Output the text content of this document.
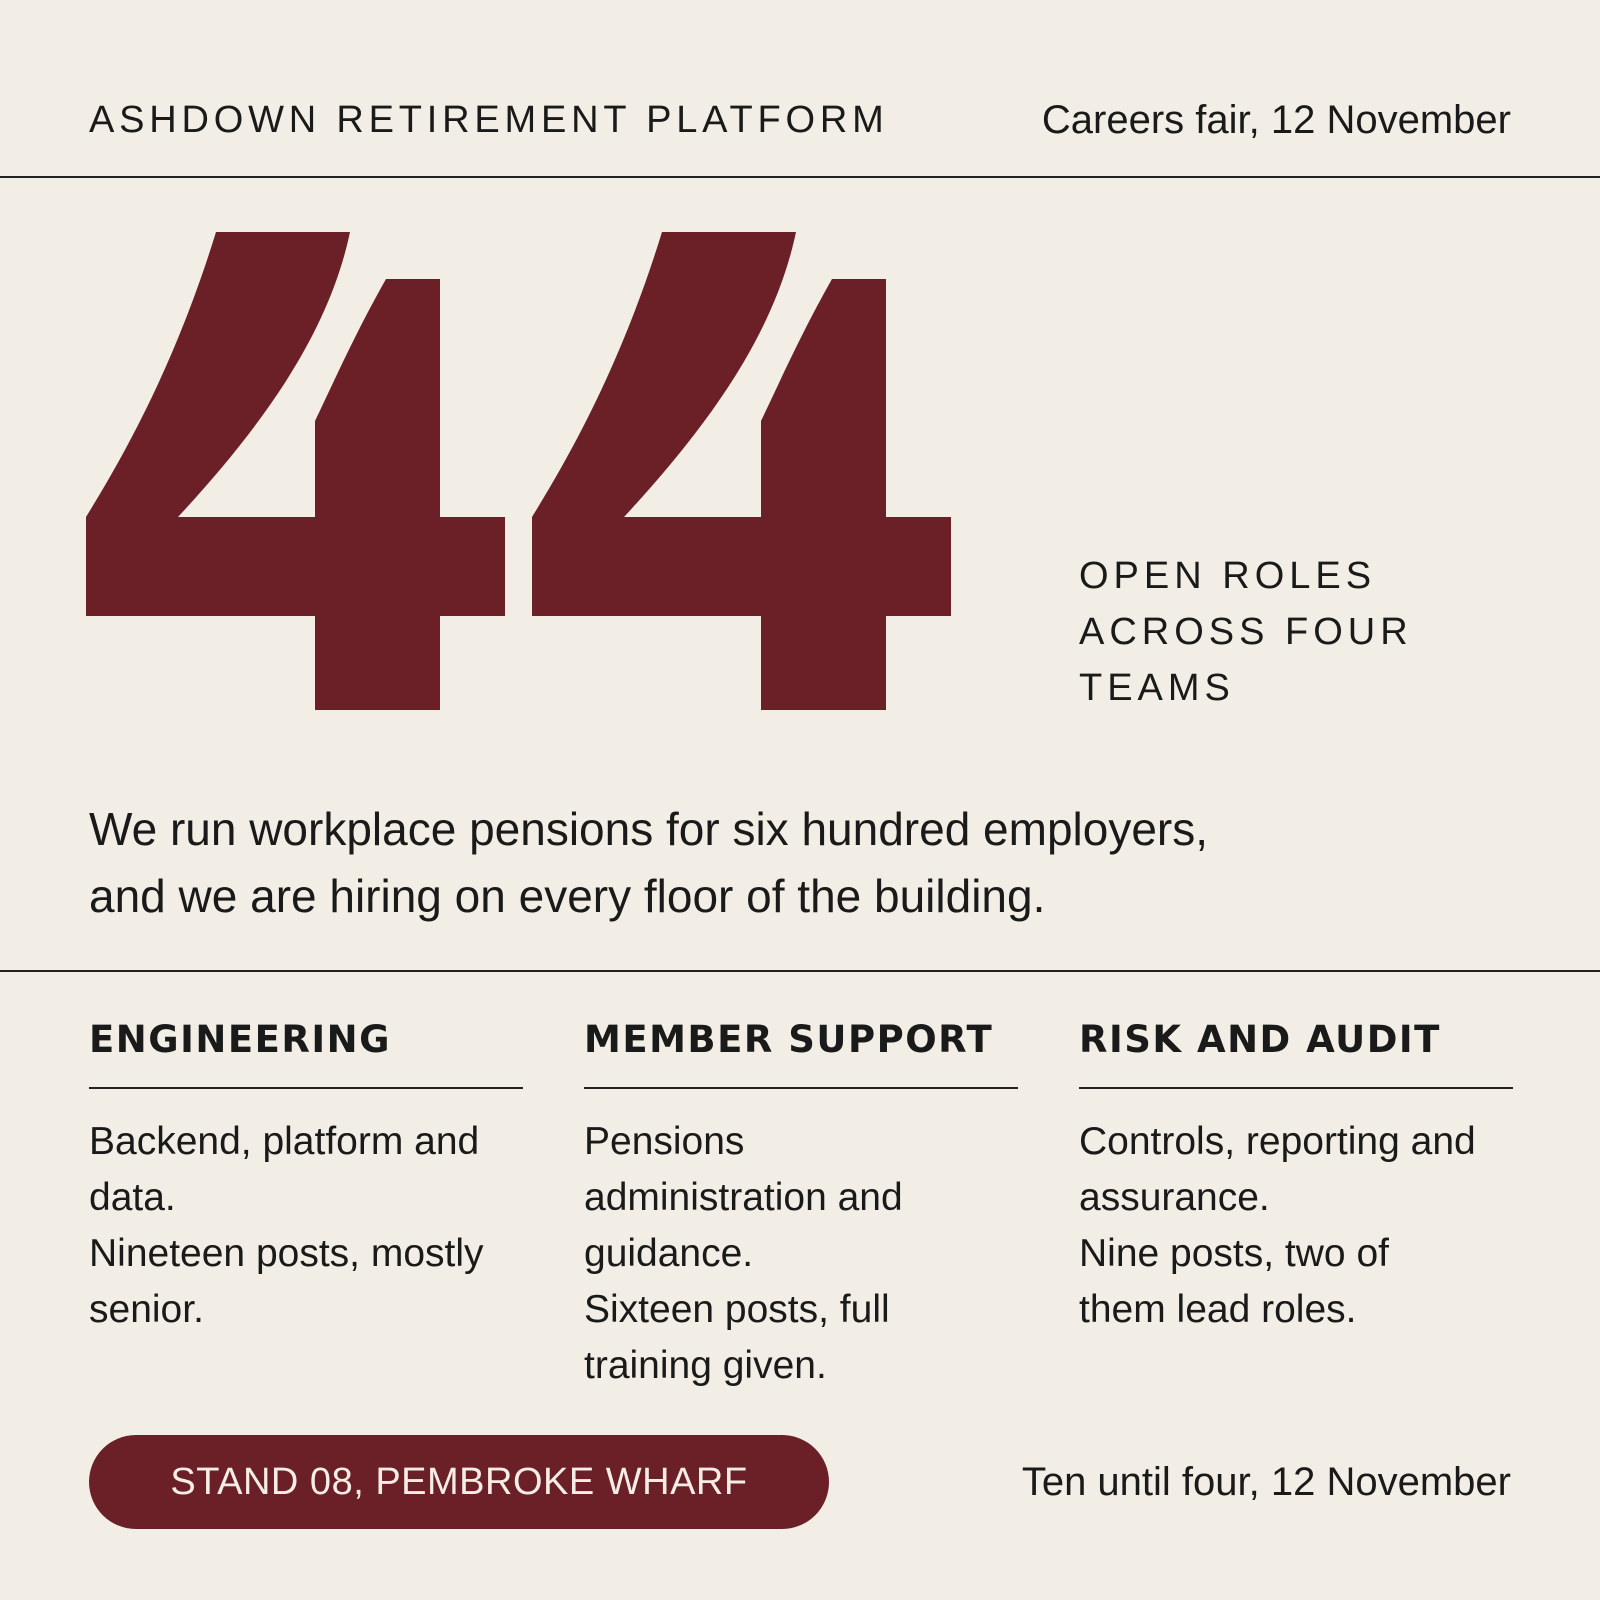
ASHDOWN RETIREMENT PLATFORM	Careers fair, 12 November
OPEN ROLES
ACROSS FOUR
TEAMS
We run workplace pensions for six hundred employers,
and we are hiring on every floor of the building.
ENGINEERING
Backend, platform and
data.
Nineteen posts, mostly
senior.
MEMBER SUPPORT
Pensions
administration and
guidance.
Sixteen posts, full
training given.
RISK AND AUDIT
Controls, reporting and
assurance.
Nine posts, two of
them lead roles.
STAND 08, PEMBROKE WHARF	Ten until four, 12 November
